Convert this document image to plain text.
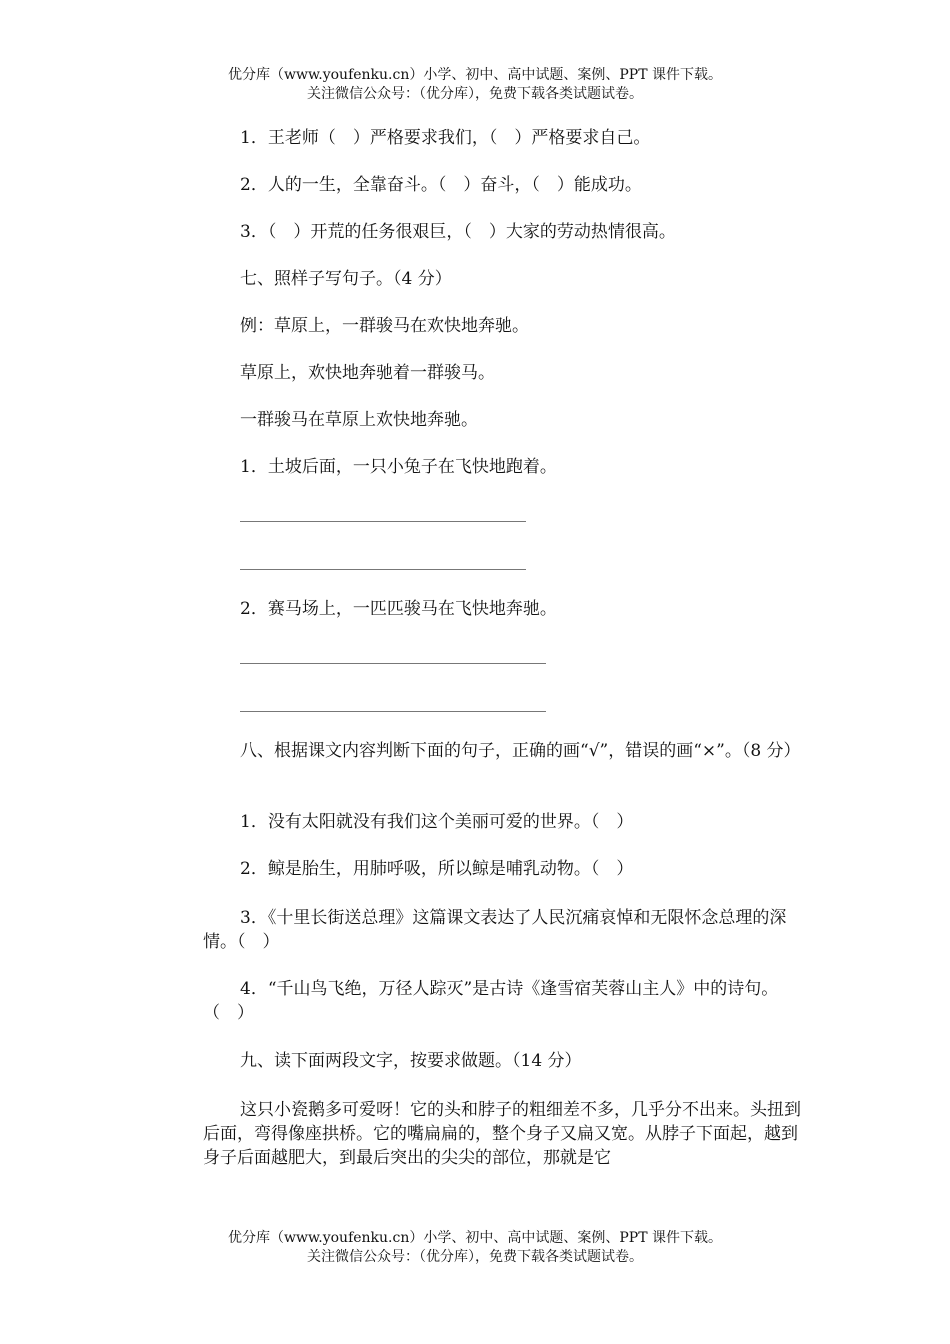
优分库（www.youfenku.cn）小学、初中、高中试题、案例、PPT 课件下载。
关注微信公众号：（优分库），免费下载各类试题试卷。
1．王老师（　）严格要求我们，（　）严格要求自己。
2．人的一生，全靠奋斗。（　）奋斗，（　）能成功。
3．（　）开荒的任务很艰巨，（　）大家的劳动热情很高。
七、照样子写句子。（4 分）
例：草原上，一群骏马在欢快地奔驰。
草原上，欢快地奔驰着一群骏马。
一群骏马在草原上欢快地奔驰。
1．土坡后面，一只小兔子在飞快地跑着。
2．赛马场上，一匹匹骏马在飞快地奔驰。
八、根据课文内容判断下面的句子，正确的画“√”，错误的画“×”。（8 分）
1．没有太阳就没有我们这个美丽可爱的世界。（　）
2．鲸是胎生，用肺呼吸，所以鲸是哺乳动物。（　）
3．《十里长街送总理》这篇课文表达了人民沉痛哀悼和无限怀念总理的深情。（　）
4．“千山鸟飞绝，万径人踪灭”是古诗《逢雪宿芙蓉山主人》中的诗句。（　）
九、读下面两段文字，按要求做题。（14 分）
这只小瓷鹅多可爱呀！它的头和脖子的粗细差不多，几乎分不出来。头扭到后面，弯得像座拱桥。它的嘴扁扁的，整个身子又扁又宽。从脖子下面起，越到身子后面越肥大，到最后突出的尖尖的部位，那就是它
优分库（www.youfenku.cn）小学、初中、高中试题、案例、PPT 课件下载。
关注微信公众号：（优分库），免费下载各类试题试卷。
